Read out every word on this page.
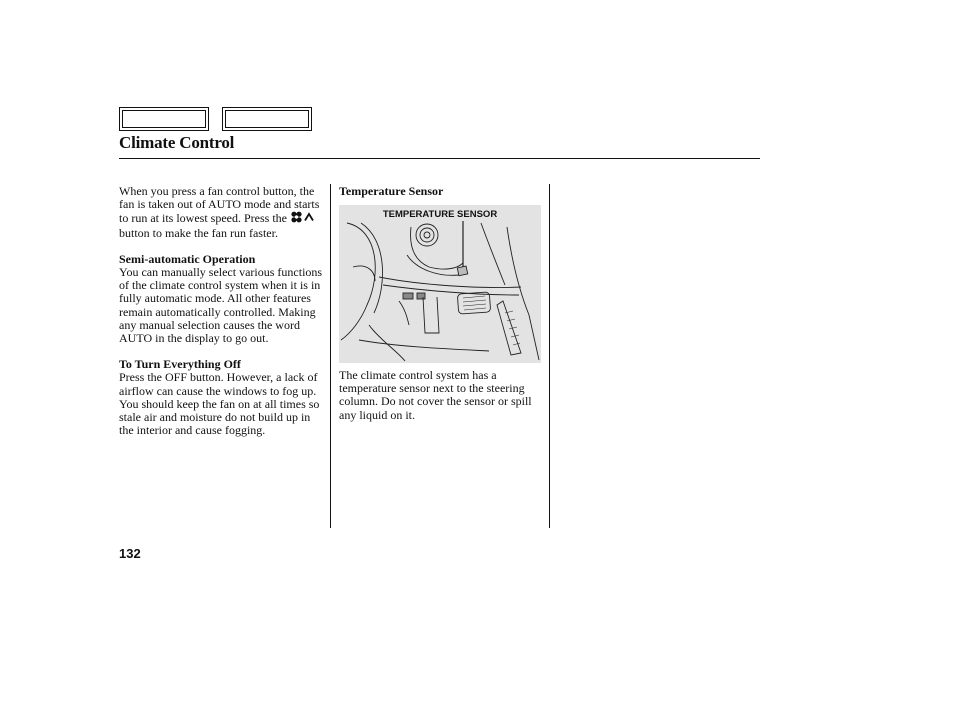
Climate Control

When you press a fan control button, the fan is taken out of AUTO mode and starts to run at its lowest speed. Press the  button to make the fan run faster.

Semi-automatic Operation

You can manually select various functions of the climate control system when it is in fully automatic mode. All other features remain automatically controlled. Making any manual selection causes the word AUTO in the display to go out.

To Turn Everything Off

Press the OFF button. However, a lack of airflow can cause the windows to fog up. You should keep the fan on at all times so stale air and moisture do not build up in the interior and cause fogging.

Temperature Sensor
TEMPERATURE SENSOR

The climate control system has a temperature sensor next to the steering column. Do not cover the sensor or spill any liquid on it.

132
